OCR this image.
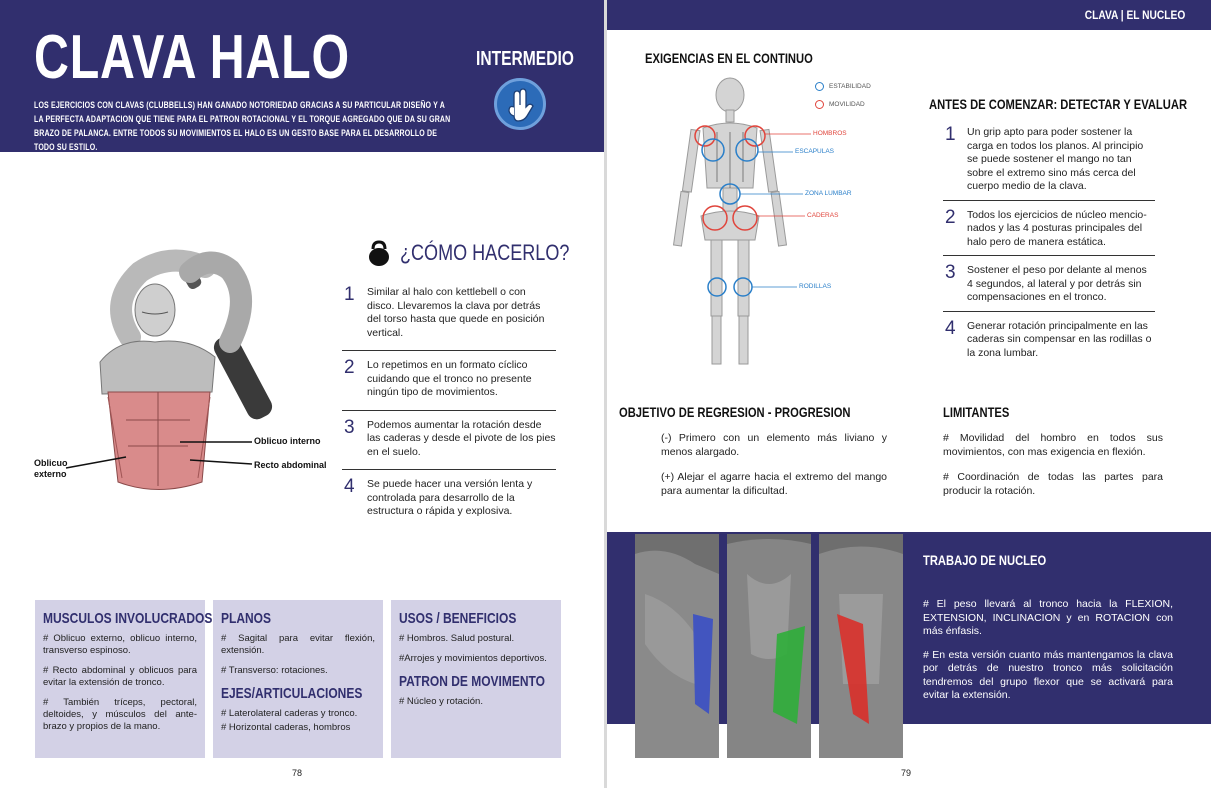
CLAVA HALO
LOS EJERCICIOS CON CLAVAS (CLUBBELLS) HAN GANADO NOTORIEDAD GRACIAS A SU PARTICULAR DISEÑO Y A LA PERFECTA ADAPTACION QUE TIENE PARA EL PATRON ROTACIONAL Y EL TORQUE AGREGADO QUE DA SU GRAN BRAZO DE PALANCA. ENTRE TODOS SU MOVIMIENTOS EL HALO ES UN GESTO BASE PARA EL DESARROLLO DE TODO SU ESTILO.
INTERMEDIO
Oblicuo interno
Recto abdominal
Oblicuo externo
¿CÓMO HACERLO?
1 Similar al halo con kettlebell o con disco. Llevaremos la clava por detrás del torso hasta que quede en posición vertical.
2 Lo repetimos en un formato cíclico cuidando que el tronco no presente ningún tipo de movimientos.
3 Podemos aumentar la rotación desde las caderas y desde el pivote de los pies en el suelo.
4 Se puede hacer una versión lenta y controlada para desarrollo de la estructura o rápida y explosiva.
MUSCULOS INVOLUCRADOS

# Oblicuo externo, oblicuo interno, transverso espinoso.

# Recto abdominal y oblicuos para evitar la extensión de tronco.

# También tríceps, pectoral, deltoides, y músculos del ante-brazo y propios de la mano.

PLANOS

# Sagital para evitar flexión, extensión.

# Transverso: rotaciones.

EJES/ARTICULACIONES

# Laterolateral caderas y tronco.

# Horizontal caderas, hombros

USOS / BENEFICIOS

# Hombros. Salud postural.

#Arrojes y movimientos deportivos.

PATRON DE MOVIMENTO

# Núcleo y rotación.

78
CLAVA | EL NUCLEO
EXIGENCIAS EN EL CONTINUO
HOMBROS
ESCAPULAS
ZONA LUMBAR
CADERAS
RODILLAS
ESTABILIDAD
MOVILIDAD	ANTES DE COMENZAR: DETECTAR Y EVALUAR
1 Un grip apto para poder sostener la carga en todos los planos. Al principio se puede sostener el mango no tan sobre el extremo sino más cerca del cuerpo medio de la clava.
2 Todos los ejercicios de núcleo mencio-nados y las 4 posturas principales del halo pero de manera estática.
3 Sostener el peso por delante al menos 4 segundos, al lateral y por detrás sin compensaciones en el tronco.
4 Generar rotación principalmente en las caderas sin compensar en las rodillas o la zona lumbar.
OBJETIVO DE REGRESION - PROGRESION
(-) Primero con un elemento más liviano y menos alargado.
(+) Alejar el agarre hacia el extremo del mango para aumentar la dificultad.
LIMITANTES
# Movilidad del hombro en todos sus movimientos, con mas exigencia en flexión.
# Coordinación de todas las partes para producir la rotación.
TRABAJO DE NUCLEO

# El peso llevará al tronco hacia la FLEXION, EXTENSION, INCLINACION y en ROTACION con más énfasis.

# En esta versión cuanto más mantengamos la clava por detrás de nuestro tronco más solicitación tendremos del grupo flexor que se activará para evitar la extensión.

79
